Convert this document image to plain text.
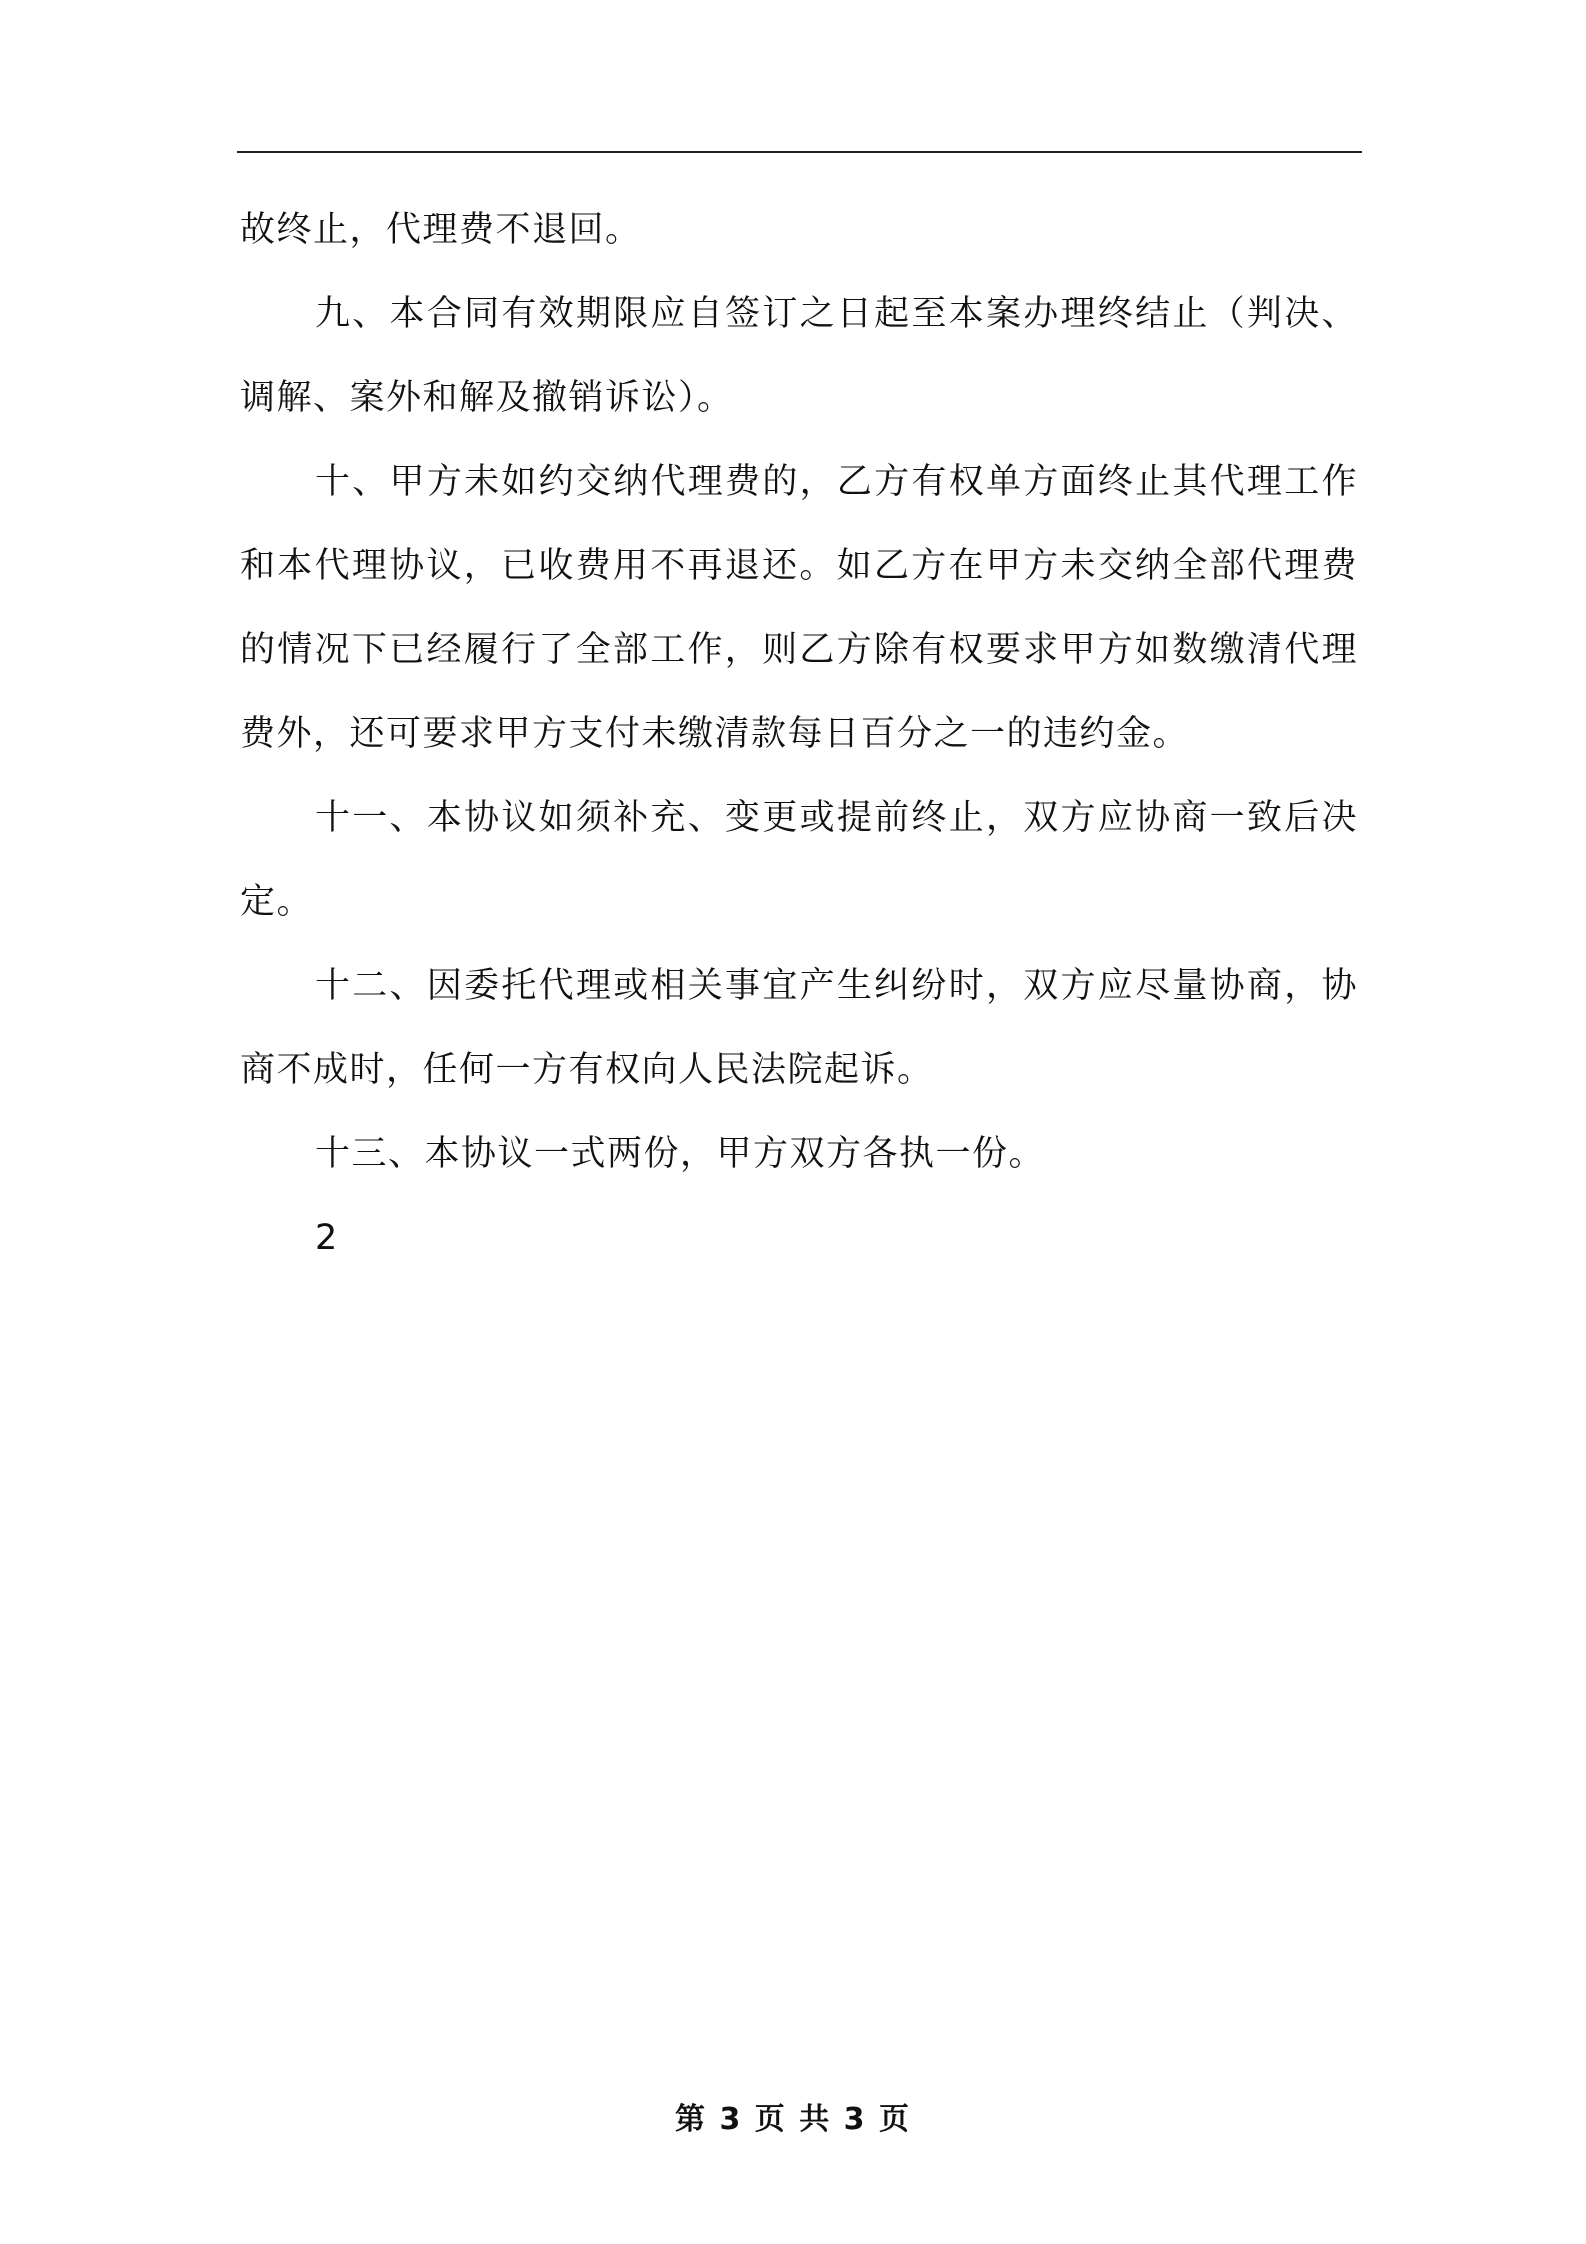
故终止，代理费不退回。

九、本合同有效期限应自签订之日起至本案办理终结止（判决、调解、案外和解及撤销诉讼）。

十、甲方未如约交纳代理费的，乙方有权单方面终止其代理工作和本代理协议，已收费用不再退还。如乙方在甲方未交纳全部代理费的情况下已经履行了全部工作，则乙方除有权要求甲方如数缴清代理费外，还可要求甲方支付未缴清款每日百分之一的违约金。

十一、本协议如须补充、变更或提前终止，双方应协商一致后决定。

十二、因委托代理或相关事宜产生纠纷时，双方应尽量协商，协商不成时，任何一方有权向人民法院起诉。

十三、本协议一式两份，甲方双方各执一份。

2

第 3 页 共 3 页
